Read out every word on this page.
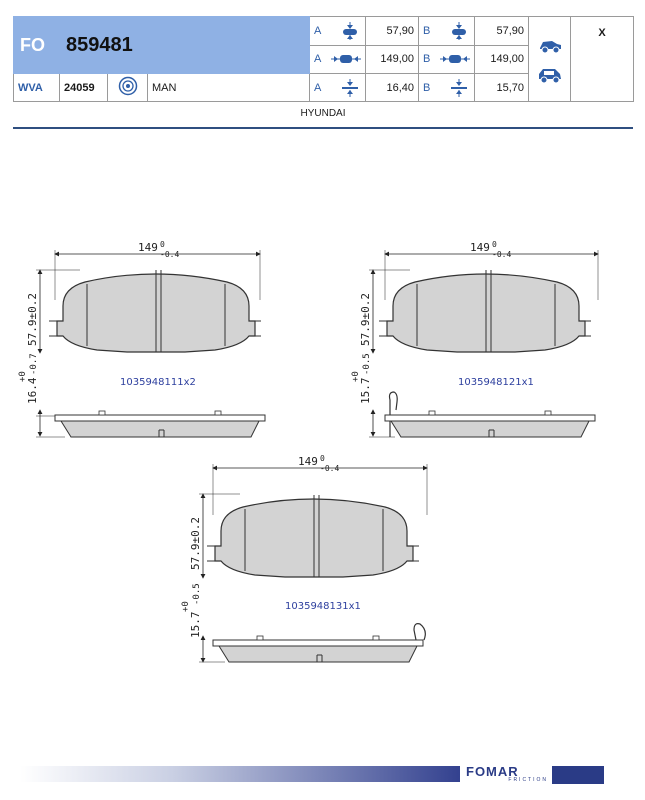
FO 859481				A	57,90	B	57,90		X

				A	149,00	B	149,00		
WVA	24059		MAN	A	16,40	B	15,70		
HYUNDAI
149 0
-0.4
57.9±0.2
16.4
+0
-0.7
1035948111x2
149 0
-0.4
57.9±0.2
15.7
+0
-0.5
1035948121x1
149 0
-0.4
57.9±0.2
15.7
+0
-0.5
1035948131x1
FOMAR
FRICTION
